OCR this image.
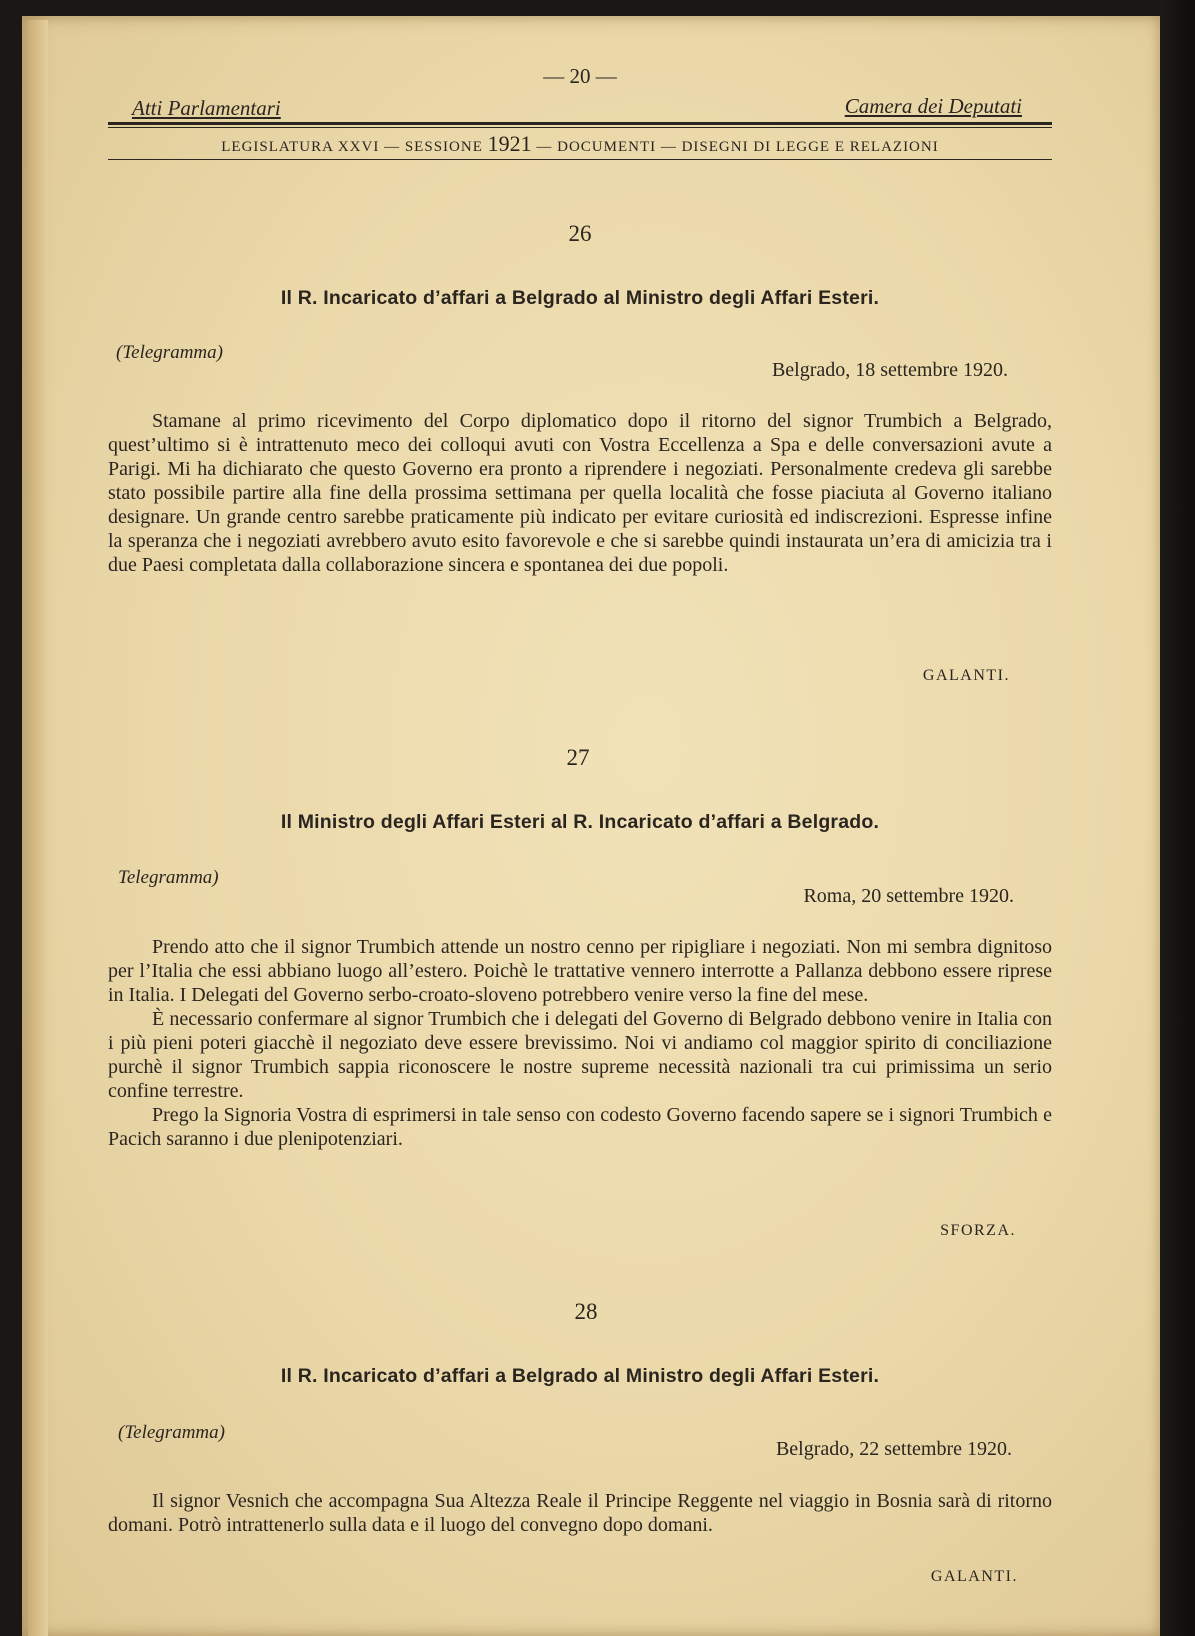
— 20 —
Atti Parlamentari	Camera dei Deputati
LEGISLATURA XXVI — SESSIONE 1921 — DOCUMENTI — DISEGNI DI LEGGE E RELAZIONI
26
Il R. Incaricato d’affari a Belgrado al Ministro degli Affari Esteri.
(Telegramma)
Belgrado, 18 settembre 1920.

Stamane al primo ricevimento del Corpo diplomatico dopo il ritorno del signor Trumbich a Belgrado, quest’ultimo si è intrattenuto meco dei colloqui avuti con Vostra Eccellenza a Spa e delle conversazioni avute a Parigi. Mi ha dichiarato che questo Governo era pronto a riprendere i negoziati. Personalmente credeva gli sarebbe stato possibile partire alla fine della prossima settimana per quella località che fosse piaciuta al Governo italiano designare. Un grande centro sarebbe praticamente più indicato per evitare curiosità ed indiscrezioni. Espresse infine la speranza che i negoziati avrebbero avuto esito favorevole e che si sarebbe quindi instaurata un’era di amicizia tra i due Paesi completata dalla collaborazione sincera e spontanea dei due popoli.

GALANTI.
27
Il Ministro degli Affari Esteri al R. Incaricato d’affari a Belgrado.
Telegramma)
Roma, 20 settembre 1920.

Prendo atto che il signor Trumbich attende un nostro cenno per ripigliare i negoziati. Non mi sembra dignitoso per l’Italia che essi abbiano luogo all’estero. Poichè le trattative vennero interrotte a Pallanza debbono essere riprese in Italia. I Delegati del Governo serbo-croato-sloveno potrebbero venire verso la fine del mese.

È necessario confermare al signor Trumbich che i delegati del Governo di Belgrado debbono venire in Italia con i più pieni poteri giacchè il negoziato deve essere brevissimo. Noi vi andiamo col maggior spirito di conciliazione purchè il signor Trumbich sappia riconoscere le nostre supreme necessità nazionali tra cui primissima un serio confine terrestre.

Prego la Signoria Vostra di esprimersi in tale senso con codesto Governo facendo sapere se i signori Trumbich e Pacich saranno i due plenipotenziari.

SFORZA.
28
Il R. Incaricato d’affari a Belgrado al Ministro degli Affari Esteri.
(Telegramma)
Belgrado, 22 settembre 1920.

Il signor Vesnich che accompagna Sua Altezza Reale il Principe Reggente nel viaggio in Bosnia sarà di ritorno domani. Potrò intrattenerlo sulla data e il luogo del convegno dopo domani.

GALANTI.
